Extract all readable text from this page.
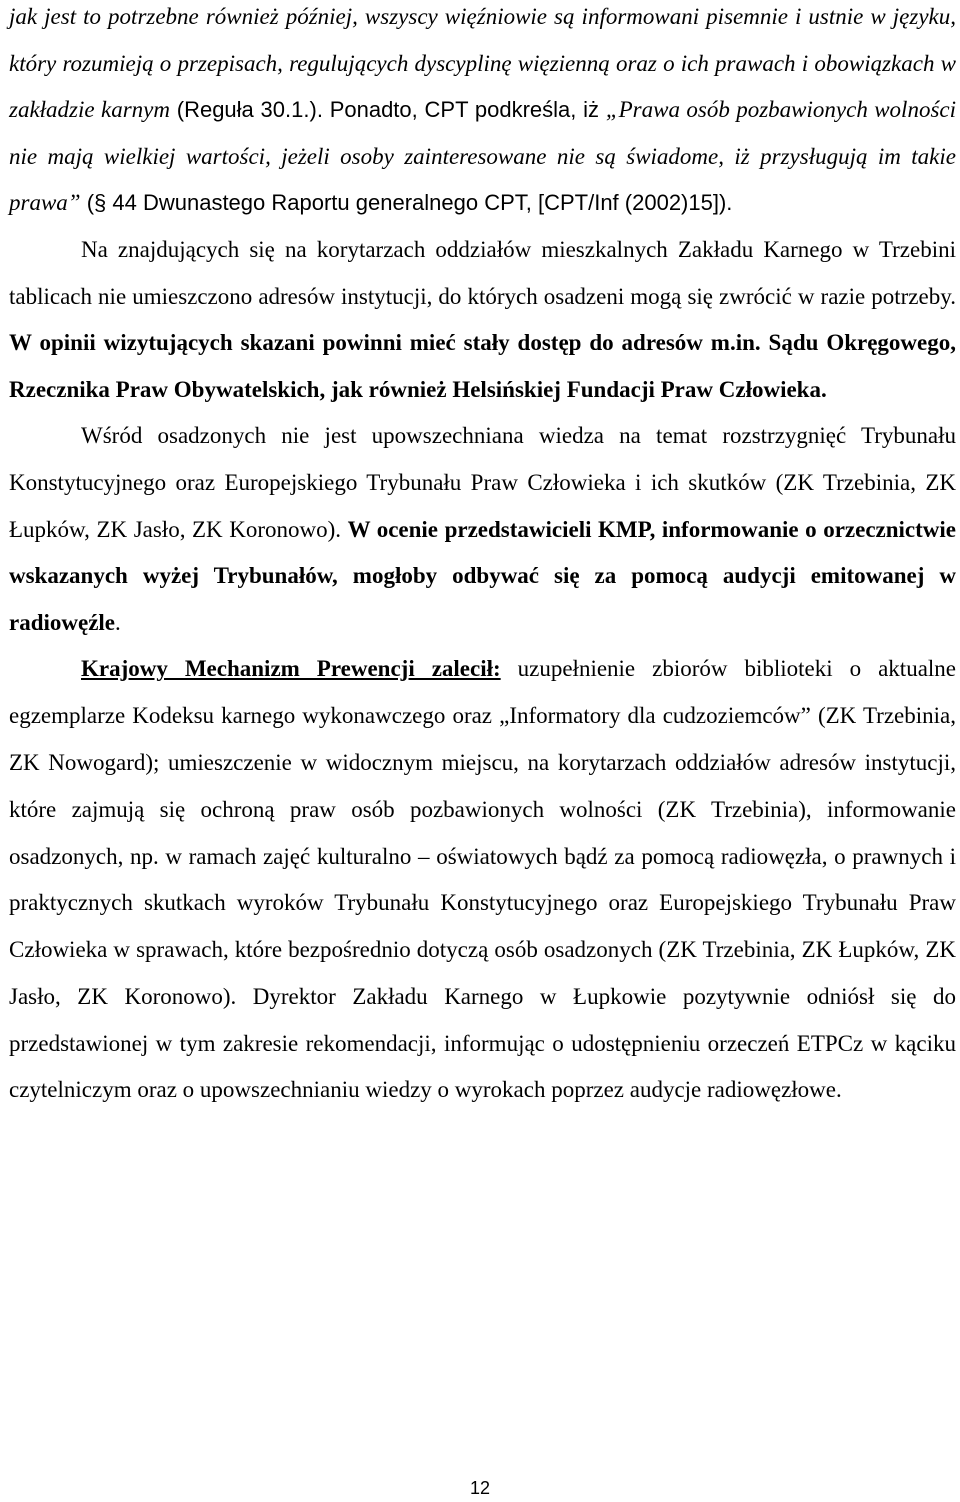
jak jest to potrzebne również później, wszyscy więźniowie są informowani pisemnie i ustnie w języku, który rozumieją o przepisach, regulujących dyscyplinę więzienną oraz o ich prawach i obowiązkach w zakładzie karnym (Reguła 30.1.). Ponadto, CPT podkreśla, iż „Prawa osób pozbawionych wolności nie mają wielkiej wartości, jeżeli osoby zainteresowane nie są świadome, iż przysługują im takie prawa” (§ 44 Dwunastego Raportu generalnego CPT, [CPT/Inf (2002)15]).

Na znajdujących się na korytarzach oddziałów mieszkalnych Zakładu Karnego w Trzebini tablicach nie umieszczono adresów instytucji, do których osadzeni mogą się zwrócić w razie potrzeby. W opinii wizytujących skazani powinni mieć stały dostęp do adresów m.in. Sądu Okręgowego, Rzecznika Praw Obywatelskich, jak również Helsińskiej Fundacji Praw Człowieka.

Wśród osadzonych nie jest upowszechniana wiedza na temat rozstrzygnięć Trybunału Konstytucyjnego oraz Europejskiego Trybunału Praw Człowieka i ich skutków (ZK Trzebinia, ZK Łupków, ZK Jasło, ZK Koronowo). W ocenie przedstawicieli KMP, informowanie o orzecznictwie wskazanych wyżej Trybunałów, mogłoby odbywać się za pomocą audycji emitowanej w radiowęźle.

Krajowy Mechanizm Prewencji zalecił: uzupełnienie zbiorów biblioteki o aktualne egzemplarze Kodeksu karnego wykonawczego oraz „Informatory dla cudzoziemców” (ZK Trzebinia, ZK Nowogard); umieszczenie w widocznym miejscu, na korytarzach oddziałów adresów instytucji, które zajmują się ochroną praw osób pozbawionych wolności (ZK Trzebinia), informowanie osadzonych, np. w ramach zajęć kulturalno – oświatowych bądź za pomocą radiowęzła, o prawnych i praktycznych skutkach wyroków Trybunału Konstytucyjnego oraz Europejskiego Trybunału Praw Człowieka w sprawach, które bezpośrednio dotyczą osób osadzonych (ZK Trzebinia, ZK Łupków, ZK Jasło, ZK Koronowo). Dyrektor Zakładu Karnego w Łupkowie pozytywnie odniósł się do przedstawionej w tym zakresie rekomendacji, informując o udostępnieniu orzeczeń ETPCz w kąciku czytelniczym oraz o upowszechnianiu wiedzy o wyrokach poprzez audycje radiowęzłowe.

12
